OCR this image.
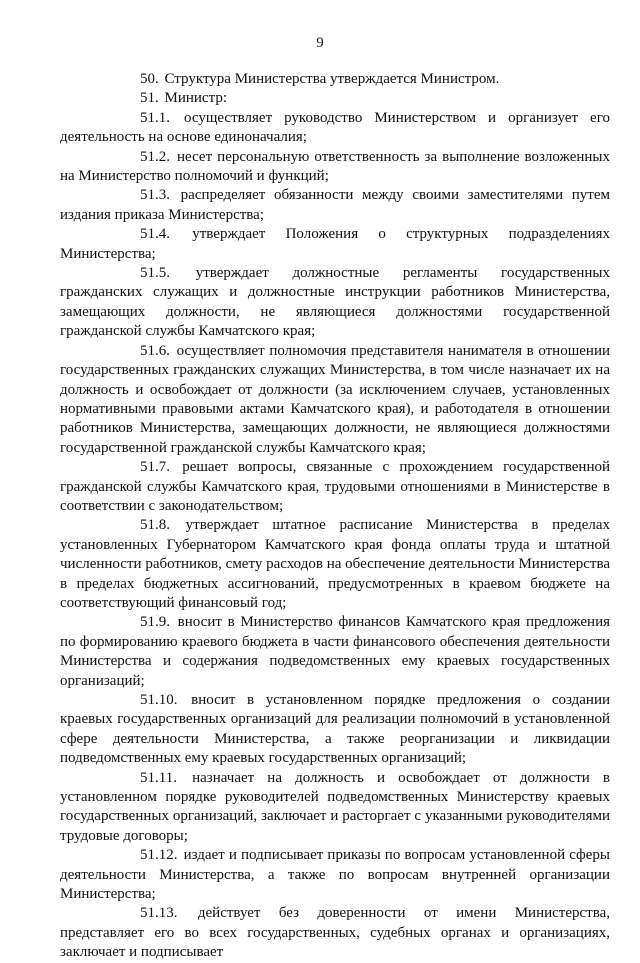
9

50. Структура Министерства утверждается Министром.

51. Министр:

51.1. осуществляет руководство Министерством и организует его деятельность на основе единоначалия;

51.2. несет персональную ответственность за выполнение возложенных на Министерство полномочий и функций;

51.3. распределяет обязанности между своими заместителями путем издания приказа Министерства;

51.4. утверждает Положения о структурных подразделениях Министерства;

51.5. утверждает должностные регламенты государственных гражданских служащих и должностные инструкции работников Министерства, замещающих должности, не являющиеся должностями государственной гражданской службы Камчатского края;

51.6. осуществляет полномочия представителя нанимателя в отношении государственных гражданских служащих Министерства, в том числе назначает их на должность и освобождает от должности (за исключением случаев, установленных нормативными правовыми актами Камчатского края), и работодателя в отношении работников Министерства, замещающих должности, не являющиеся должностями государственной гражданской службы Камчатского края;

51.7. решает вопросы, связанные с прохождением государственной гражданской службы Камчатского края, трудовыми отношениями в Министерстве в соответствии с законодательством;

51.8. утверждает штатное расписание Министерства в пределах установленных Губернатором Камчатского края фонда оплаты труда и штатной численности работников, смету расходов на обеспечение деятельности Министерства в пределах бюджетных ассигнований, предусмотренных в краевом бюджете на соответствующий финансовый год;

51.9. вносит в Министерство финансов Камчатского края предложения по формированию краевого бюджета в части финансового обеспечения деятельности Министерства и содержания подведомственных ему краевых государственных организаций;

51.10. вносит в установленном порядке предложения о создании краевых государственных организаций для реализации полномочий в установленной сфере деятельности Министерства, а также реорганизации и ликвидации подведомственных ему краевых государственных организаций;

51.11. назначает на должность и освобождает от должности в установленном порядке руководителей подведомственных Министерству краевых государственных организаций, заключает и расторгает с указанными руководителями трудовые договоры;

51.12. издает и подписывает приказы по вопросам установленной сферы деятельности Министерства, а также по вопросам внутренней организации Министерства;

51.13. действует без доверенности от имени Министерства, представляет его во всех государственных, судебных органах и организациях, заключает и подписывает
